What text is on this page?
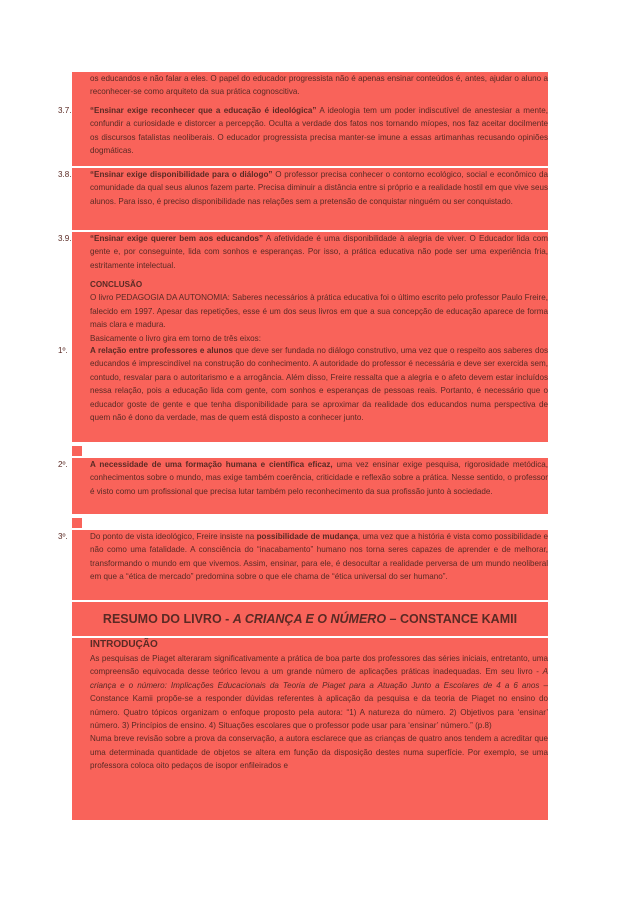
os educandos e não falar a eles. O papel do educador progressista não é apenas ensinar conteúdos é, antes, ajudar o aluno a reconhecer-se como arquiteto da sua prática cognoscitiva.
3.7.	“Ensinar exige reconhecer que a educação é ideológica” A ideologia tem um poder indiscutível de anestesiar a mente, confundir a curiosidade e distorcer a percepção. Oculta a verdade dos fatos nos tornando míopes, nos faz aceitar docilmente os discursos fatalistas neoliberais. O educador progressista precisa manter-se imune a essas artimanhas recusando opiniões dogmáticas.
3.8.	“Ensinar exige disponibilidade para o diálogo” O professor precisa conhecer o contorno ecológico, social e econômico da comunidade da qual seus alunos fazem parte. Precisa diminuir a distância entre si próprio e a realidade hostil em que vive seus alunos. Para isso, é preciso disponibilidade nas relações sem a pretensão de conquistar ninguém ou ser conquistado.
3.9.	“Ensinar exige querer bem aos educandos” A afetividade é uma disponibilidade à alegria de viver. O Educador lida com gente e, por conseguinte, lida com sonhos e esperanças. Por isso, a prática educativa não pode ser uma experiência fria, estritamente intelectual.
CONCLUSÃO
O livro PEDAGOGIA DA AUTONOMIA: Saberes necessários à prática educativa foi o último escrito pelo professor Paulo Freire, falecido em 1997. Apesar das repetições, esse é um dos seus livros em que a sua concepção de educação aparece de forma mais clara e madura.
Basicamente o livro gira em torno de três eixos:
1º.	A relação entre professores e alunos que deve ser fundada no diálogo construtivo, uma vez que o respeito aos saberes dos educandos é imprescindível na construção do conhecimento. A autoridade do professor é necessária e deve ser exercida sem, contudo, resvalar para o autoritarismo e a arrogância. Além disso, Freire ressalta que a alegria e o afeto devem estar incluídos nessa relação, pois a educação lida com gente, com sonhos e esperanças de pessoas reais. Portanto, é necessário que o educador goste de gente e que tenha disponibilidade para se aproximar da realidade dos educandos numa perspectiva de quem não é dono da verdade, mas de quem está disposto a conhecer junto.
2º.	A necessidade de uma formação humana e científica eficaz, uma vez ensinar exige pesquisa, rigorosidade metódica, conhecimentos sobre o mundo, mas exige também coerência, criticidade e reflexão sobre a prática. Nesse sentido, o professor é visto como um profissional que precisa lutar também pelo reconhecimento da sua profissão junto à sociedade.
3º.	Do ponto de vista ideológico, Freire insiste na possibilidade de mudança, uma vez que a história é vista como possibilidade e não como uma fatalidade. A consciência do “inacabamento” humano nos torna seres capazes de aprender e de melhorar, transformando o mundo em que vivemos. Assim, ensinar, para ele, é desocultar a realidade perversa de um mundo neoliberal em que a “ética de mercado” predomina sobre o que ele chama de “ética universal do ser humano”.
RESUMO DO LIVRO - A CRIANÇA E O NÚMERO – CONSTANCE KAMII
INTRODUÇÃO
As pesquisas de Piaget alteraram significativamente a prática de boa parte dos professores das séries iniciais, entretanto, uma compreensão equivocada desse teórico levou a um grande número de aplicações práticas inadequadas. Em seu livro - A criança e o número: Implicações Educacionais da Teoria de Piaget para a Atuação Junto a Escolares de 4 a 6 anos – Constance Kamii propõe-se a responder dúvidas referentes à aplicação da pesquisa e da teoria de Piaget no ensino do número. Quatro tópicos organizam o enfoque proposto pela autora: “1) A natureza do número. 2) Objetivos para ‘ensinar’ número. 3) Princípios de ensino. 4) Situações escolares que o professor pode usar para ‘ensinar’ número.” (p.8)
Numa breve revisão sobre a prova da conservação, a autora esclarece que as crianças de quatro anos tendem a acreditar que uma determinada quantidade de objetos se altera em função da disposição destes numa superfície. Por exemplo, se uma professora coloca oito pedaços de isopor enfileirados e
